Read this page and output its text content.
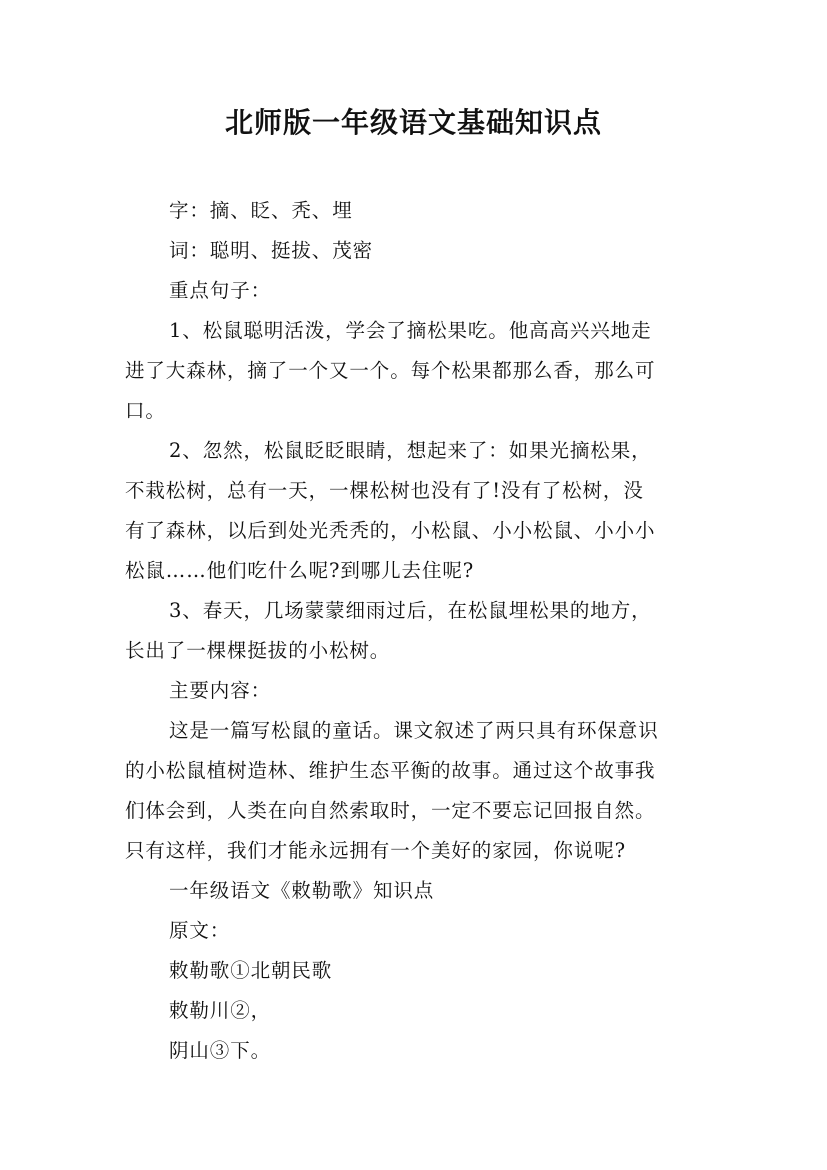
北师版一年级语文基础知识点
字：摘、眨、秃、埋
词：聪明、挺拔、茂密
重点句子：
1、松鼠聪明活泼，学会了摘松果吃。他高高兴兴地走
进了大森林，摘了一个又一个。每个松果都那么香，那么可
口。
2、忽然，松鼠眨眨眼睛，想起来了：如果光摘松果，
不栽松树，总有一天，一棵松树也没有了!没有了松树，没
有了森林，以后到处光秃秃的，小松鼠、小小松鼠、小小小
松鼠……他们吃什么呢?到哪儿去住呢?
3、春天，几场蒙蒙细雨过后，在松鼠埋松果的地方，
长出了一棵棵挺拔的小松树。
主要内容：
这是一篇写松鼠的童话。课文叙述了两只具有环保意识
的小松鼠植树造林、维护生态平衡的故事。通过这个故事我
们体会到，人类在向自然索取时，一定不要忘记回报自然。
只有这样，我们才能永远拥有一个美好的家园，你说呢?
一年级语文《敕勒歌》知识点
原文：
敕勒歌①北朝民歌
敕勒川②，
阴山③下。
